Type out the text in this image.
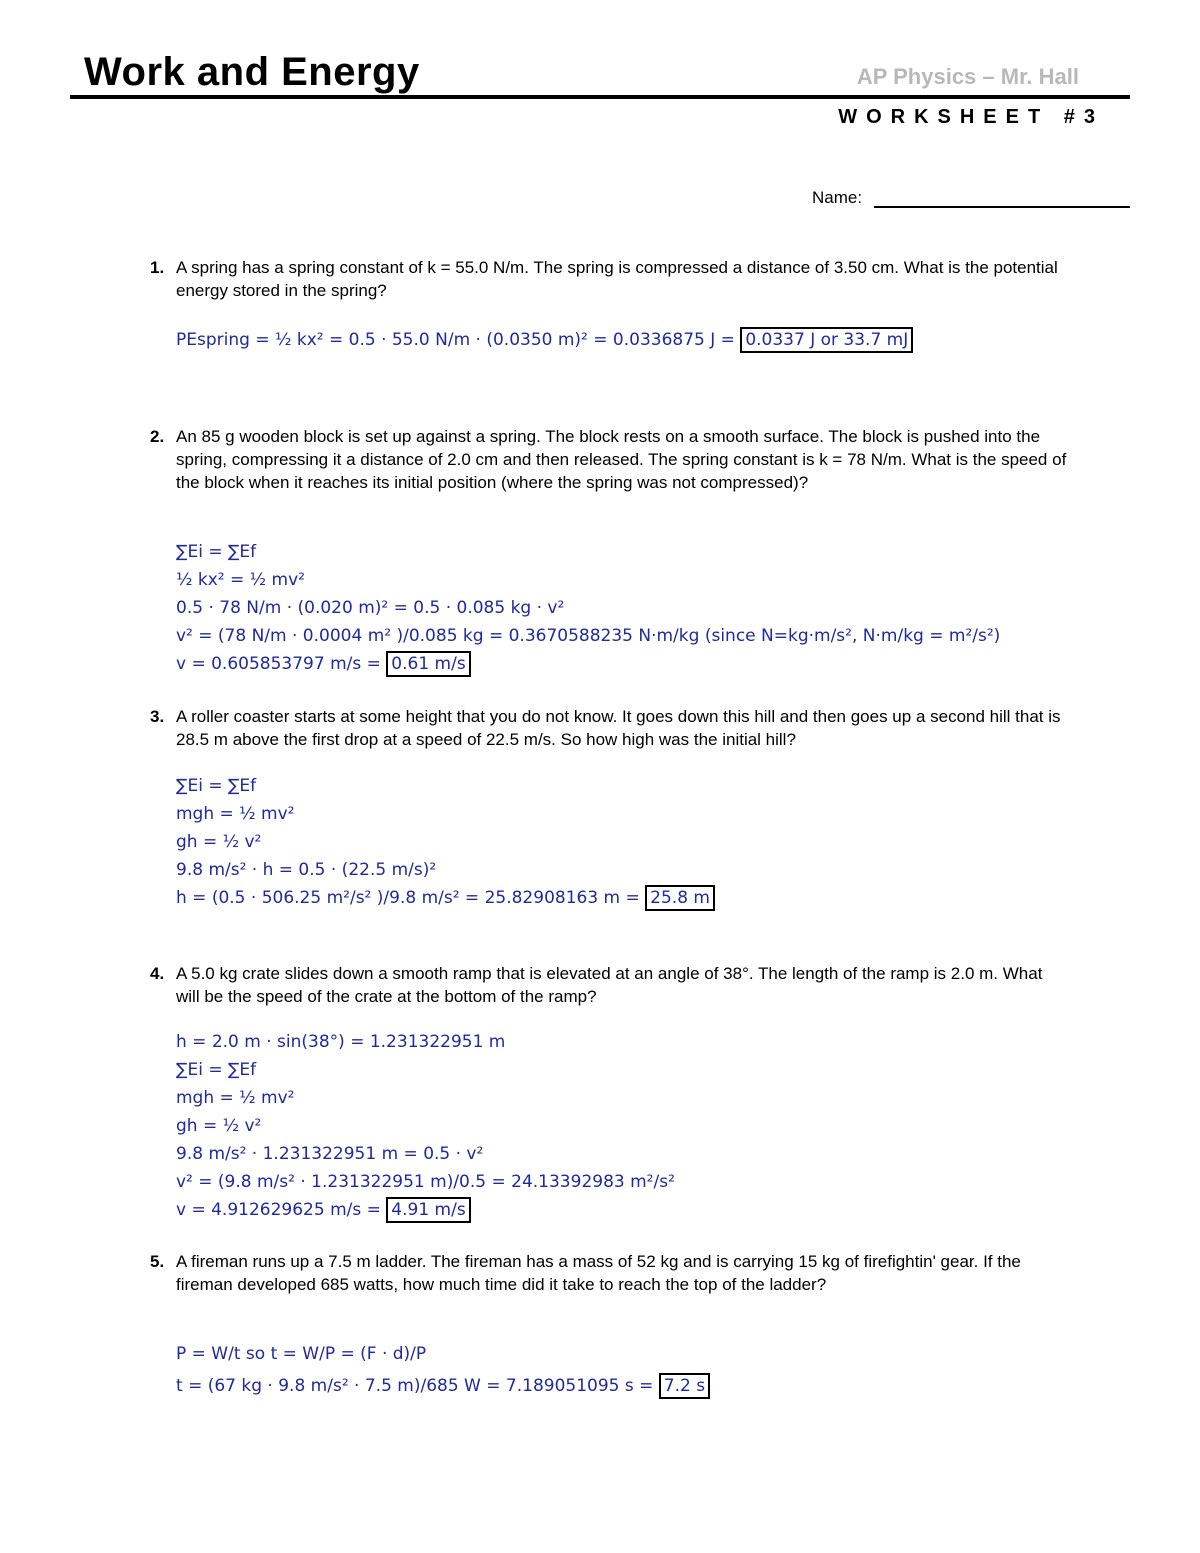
Work and Energy	AP Physics – Mr. Hall
WORKSHEET #3
Name:
1. A spring has a spring constant of k = 55.0 N/m. The spring is compressed a distance of 3.50 cm. What is the potential energy stored in the spring?
PEspring = ½ kx² = 0.5 · 55.0 N/m · (0.0350 m)² = 0.0336875 J = 0.0337 J or 33.7 mJ
2. An 85 g wooden block is set up against a spring. The block rests on a smooth surface. The block is pushed into the spring, compressing it a distance of 2.0 cm and then released. The spring constant is k = 78 N/m. What is the speed of the block when it reaches its initial position (where the spring was not compressed)?
∑Ei = ∑Ef
½ kx² = ½ mv²
0.5 · 78 N/m · (0.020 m)² = 0.5 · 0.085 kg · v²
v² = (78 N/m · 0.0004 m² )/0.085 kg = 0.3670588235 N·m/kg (since N=kg·m/s², N·m/kg = m²/s²)
v = 0.605853797 m/s = 0.61 m/s
3. A roller coaster starts at some height that you do not know. It goes down this hill and then goes up a second hill that is 28.5 m above the first drop at a speed of 22.5 m/s. So how high was the initial hill?
∑Ei = ∑Ef
mgh = ½ mv²
gh = ½ v²
9.8 m/s² · h = 0.5 · (22.5 m/s)²
h = (0.5 · 506.25 m²/s² )/9.8 m/s² = 25.82908163 m = 25.8 m
4. A 5.0 kg crate slides down a smooth ramp that is elevated at an angle of 38°. The length of the ramp is 2.0 m. What will be the speed of the crate at the bottom of the ramp?
h = 2.0 m · sin(38°) = 1.231322951 m
∑Ei = ∑Ef
mgh = ½ mv²
gh = ½ v²
9.8 m/s² · 1.231322951 m = 0.5 · v²
v² = (9.8 m/s² · 1.231322951 m)/0.5 = 24.13392983 m²/s²
v = 4.912629625 m/s = 4.91 m/s
5. A fireman runs up a 7.5 m ladder. The fireman has a mass of 52 kg and is carrying 15 kg of firefightin' gear. If the fireman developed 685 watts, how much time did it take to reach the top of the ladder?
P = W/t so t = W/P = (F · d)/P
t = (67 kg · 9.8 m/s² · 7.5 m)/685 W = 7.189051095 s = 7.2 s
